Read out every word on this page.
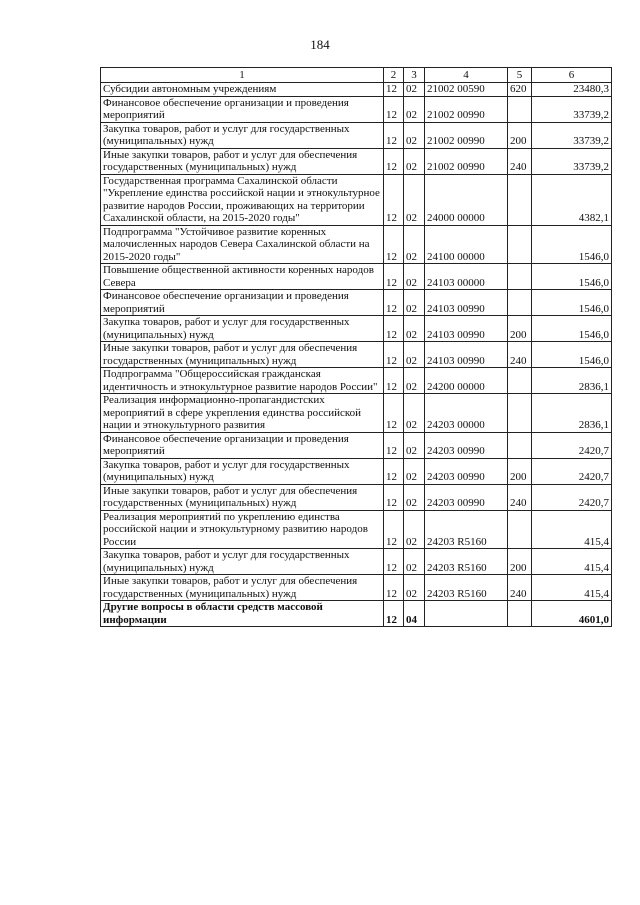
184
1	2	3	4	5	6
Субсидии автономным учреждениям	12	02	21002 00590	620	23480,3
Финансовое обеспечение организации и проведения мероприятий	12	02	21002 00990		33739,2
Закупка товаров, работ и услуг для государственных (муниципальных) нужд	12	02	21002 00990	200	33739,2
Иные закупки товаров, работ и услуг для обеспечения государственных (муниципальных) нужд	12	02	21002 00990	240	33739,2
Государственная программа Сахалинской области "Укрепление единства российской нации и этнокультурное развитие народов России, проживающих на территории Сахалинской области, на 2015-2020 годы"	12	02	24000 00000		4382,1
Подпрограмма "Устойчивое развитие коренных малочисленных народов Севера Сахалинской области на 2015-2020 годы"	12	02	24100 00000		1546,0
Повышение общественной активности коренных народов Севера	12	02	24103 00000		1546,0
Финансовое обеспечение организации и проведения мероприятий	12	02	24103 00990		1546,0
Закупка товаров, работ и услуг для государственных (муниципальных) нужд	12	02	24103 00990	200	1546,0
Иные закупки товаров, работ и услуг для обеспечения государственных (муниципальных) нужд	12	02	24103 00990	240	1546,0
Подпрограмма "Общероссийская гражданская идентичность и этнокультурное развитие народов России"	12	02	24200 00000		2836,1
Реализация информационно-пропагандистских мероприятий в сфере укрепления единства российской нации и этнокультурного развития	12	02	24203 00000		2836,1
Финансовое обеспечение организации и проведения мероприятий	12	02	24203 00990		2420,7
Закупка товаров, работ и услуг для государственных (муниципальных) нужд	12	02	24203 00990	200	2420,7
Иные закупки товаров, работ и услуг для обеспечения государственных (муниципальных) нужд	12	02	24203 00990	240	2420,7
Реализация мероприятий по укреплению единства российской нации и этнокультурному развитию народов России	12	02	24203 R5160		415,4
Закупка товаров, работ и услуг для государственных (муниципальных) нужд	12	02	24203 R5160	200	415,4
Иные закупки товаров, работ и услуг для обеспечения государственных (муниципальных) нужд	12	02	24203 R5160	240	415,4
Другие вопросы в области средств массовой информации	12	04			4601,0
